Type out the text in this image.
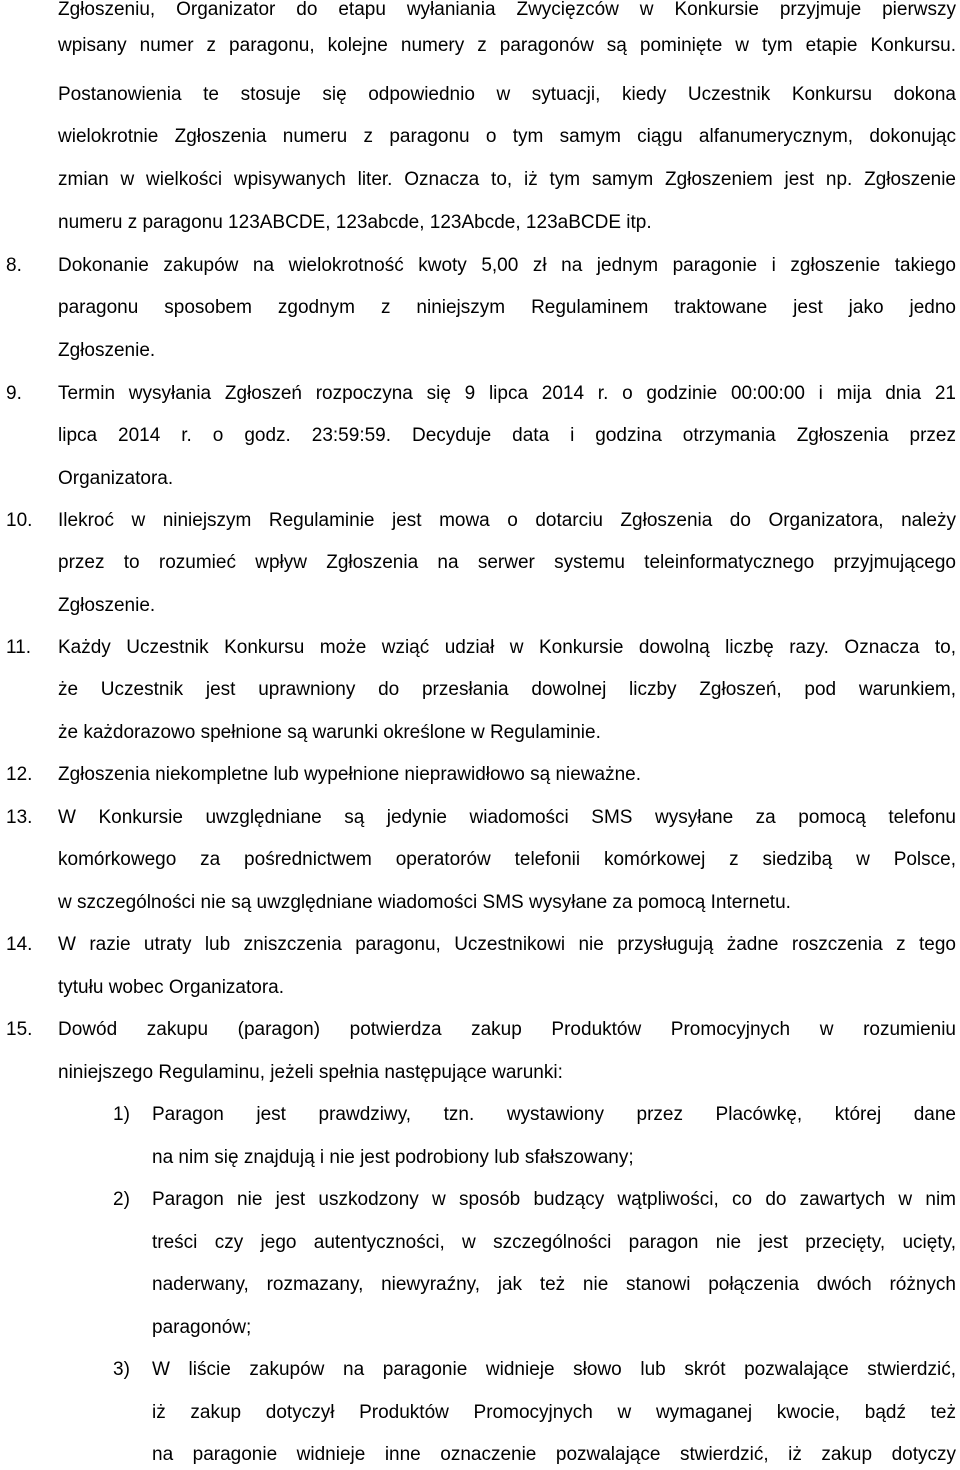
Zgłoszeniu, Organizator do etapu wyłaniania Zwycięzców w Konkursie przyjmuje pierwszy
wpisany numer z paragonu, kolejne numery z paragonów są pominięte w tym etapie Konkursu.
Postanowienia te stosuje się odpowiednio w sytuacji, kiedy Uczestnik Konkursu dokona
wielokrotnie Zgłoszenia numeru z paragonu o tym samym ciągu alfanumerycznym, dokonując
zmian w wielkości wpisywanych liter. Oznacza to, iż tym samym Zgłoszeniem jest np. Zgłoszenie
numeru z paragonu 123ABCDE, 123abcde, 123Abcde, 123aBCDE itp.
8. Dokonanie zakupów na wielokrotność kwoty 5,00 zł na jednym paragonie i zgłoszenie takiego
paragonu sposobem zgodnym z niniejszym Regulaminem traktowane jest jako jedno
Zgłoszenie.
9. Termin wysyłania Zgłoszeń rozpoczyna się 9 lipca 2014 r. o godzinie 00:00:00 i mija dnia 21
lipca 2014 r. o godz. 23:59:59. Decyduje data i godzina otrzymania Zgłoszenia przez
Organizatora.
10. Ilekroć w niniejszym Regulaminie jest mowa o dotarciu Zgłoszenia do Organizatora, należy
przez to rozumieć wpływ Zgłoszenia na serwer systemu teleinformatycznego przyjmującego
Zgłoszenie.
11. Każdy Uczestnik Konkursu może wziąć udział w Konkursie dowolną liczbę razy. Oznacza to,
że Uczestnik jest uprawniony do przesłania dowolnej liczby Zgłoszeń, pod warunkiem,
że każdorazowo spełnione są warunki określone w Regulaminie.
12. Zgłoszenia niekompletne lub wypełnione nieprawidłowo są nieważne.
13. W Konkursie uwzględniane są jedynie wiadomości SMS wysyłane za pomocą telefonu
komórkowego za pośrednictwem operatorów telefonii komórkowej z siedzibą w Polsce,
w szczególności nie są uwzględniane wiadomości SMS wysyłane za pomocą Internetu.
14. W razie utraty lub zniszczenia paragonu, Uczestnikowi nie przysługują żadne roszczenia z tego
tytułu wobec Organizatora.
15. Dowód zakupu (paragon) potwierdza zakup Produktów Promocyjnych w rozumieniu
niniejszego Regulaminu, jeżeli spełnia następujące warunki:
1) Paragon jest prawdziwy, tzn. wystawiony przez Placówkę, której dane
na nim się znajdują i nie jest podrobiony lub sfałszowany;
2) Paragon nie jest uszkodzony w sposób budzący wątpliwości, co do zawartych w nim
treści czy jego autentyczności, w szczególności paragon nie jest przecięty, ucięty,
naderwany, rozmazany, niewyraźny, jak też nie stanowi połączenia dwóch różnych
paragonów;
3) W liście zakupów na paragonie widnieje słowo lub skrót pozwalające stwierdzić,
iż zakup dotyczył Produktów Promocyjnych w wymaganej kwocie, bądź też
na paragonie widnieje inne oznaczenie pozwalające stwierdzić, iż zakup dotyczy
